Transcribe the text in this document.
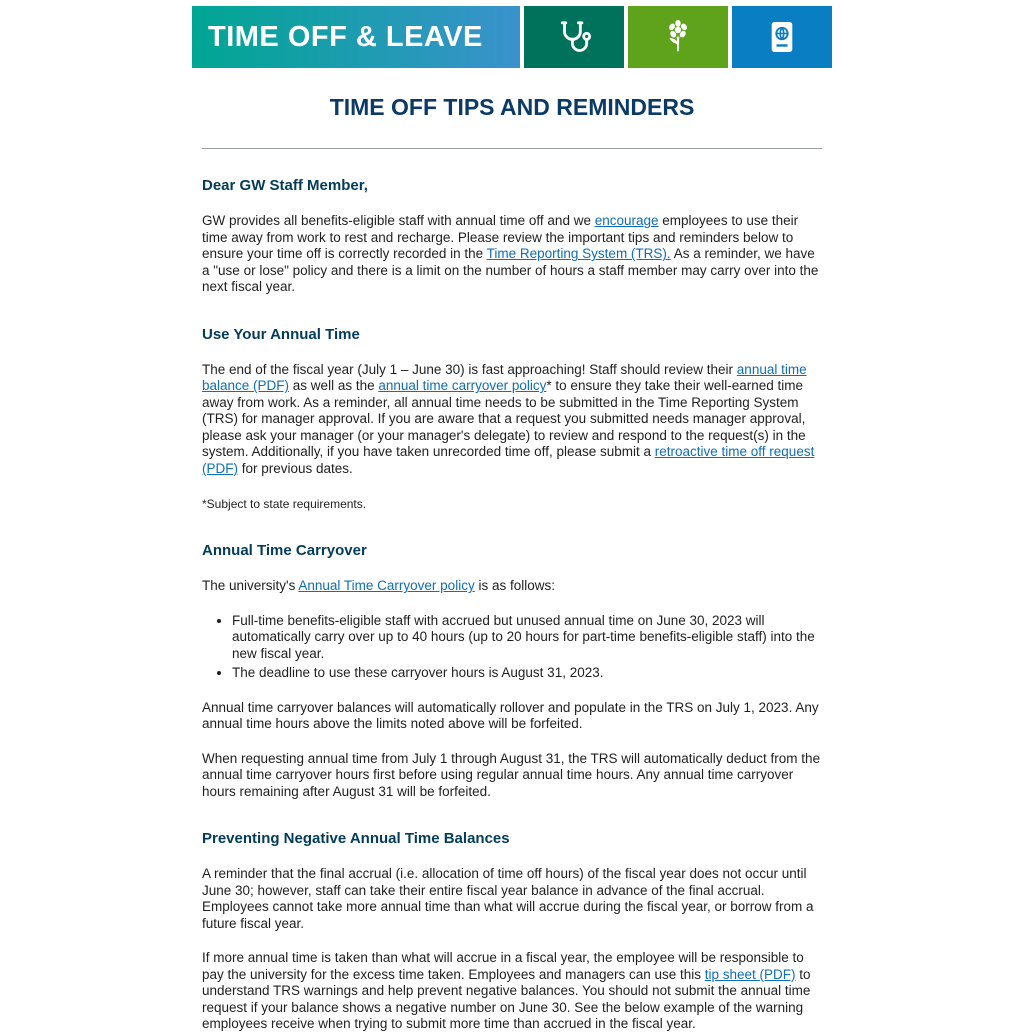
TIME OFF & LEAVE
TIME OFF TIPS AND REMINDERS
Dear GW Staff Member,

GW provides all benefits-eligible staff with annual time off and we encourage employees to use their time away from work to rest and recharge. Please review the important tips and reminders below to ensure your time off is correctly recorded in the Time Reporting System (TRS). As a reminder, we have a "use or lose" policy and there is a limit on the number of hours a staff member may carry over into the next fiscal year.

Use Your Annual Time

The end of the fiscal year (July 1 – June 30) is fast approaching! Staff should review their annual time balance (PDF) as well as the annual time carryover policy* to ensure they take their well-earned time away from work. As a reminder, all annual time needs to be submitted in the Time Reporting System (TRS) for manager approval. If you are aware that a request you submitted needs manager approval, please ask your manager (or your manager's delegate) to review and respond to the request(s) in the system. Additionally, if you have taken unrecorded time off, please submit a retroactive time off request (PDF) for previous dates.

*Subject to state requirements.

Annual Time Carryover

The university's Annual Time Carryover policy is as follows:

• Full-time benefits-eligible staff with accrued but unused annual time on June 30, 2023 will automatically carry over up to 40 hours (up to 20 hours for part-time benefits-eligible staff) into the new fiscal year.
• The deadline to use these carryover hours is August 31, 2023.

Annual time carryover balances will automatically rollover and populate in the TRS on July 1, 2023. Any annual time hours above the limits noted above will be forfeited.

When requesting annual time from July 1 through August 31, the TRS will automatically deduct from the annual time carryover hours first before using regular annual time hours. Any annual time carryover hours remaining after August 31 will be forfeited.

Preventing Negative Annual Time Balances

A reminder that the final accrual (i.e. allocation of time off hours) of the fiscal year does not occur until June 30; however, staff can take their entire fiscal year balance in advance of the final accrual. Employees cannot take more annual time than what will accrue during the fiscal year, or borrow from a future fiscal year.

If more annual time is taken than what will accrue in a fiscal year, the employee will be responsible to pay the university for the excess time taken. Employees and managers can use this tip sheet (PDF) to understand TRS warnings and help prevent negative balances. You should not submit the annual time request if your balance shows a negative number on June 30. See the below example of the warning employees receive when trying to submit more time than accrued in the fiscal year.
